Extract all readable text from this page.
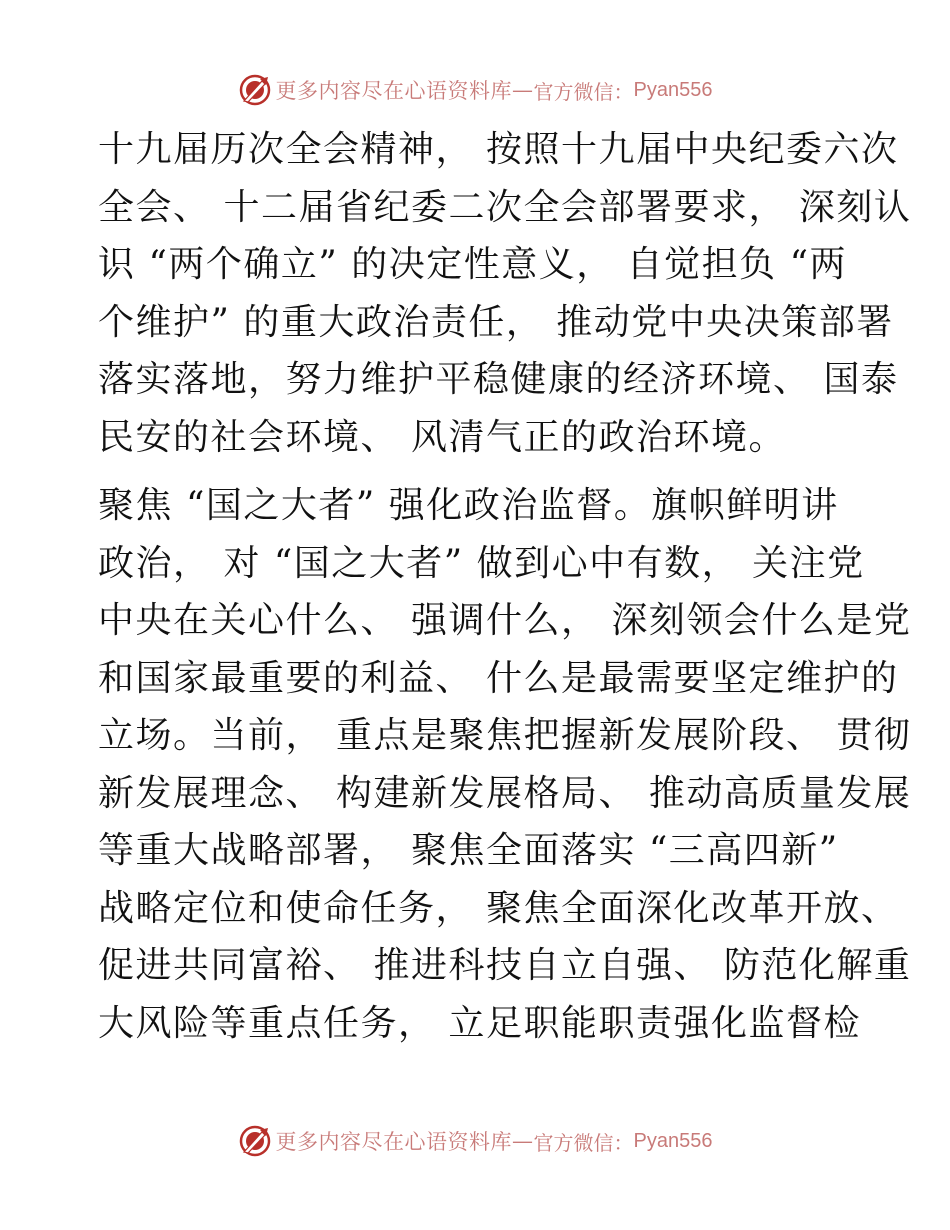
更多内容尽在心语资料库 — 官方微信： Pyan556
十九届历次全会精神， 按照十九届中央纪委六次
全会、 十二届省纪委二次全会部署要求， 深刻认
识 “两个确立” 的决定性意义， 自觉担负 “两
个维护” 的重大政治责任， 推动党中央决策部署
落实落地，努力维护平稳健康的经济环境、 国泰
民安的社会环境、 风清气正的政治环境。
聚焦 “国之大者” 强化政治监督。旗帜鲜明讲
政治， 对 “国之大者” 做到心中有数， 关注党
中央在关心什么、 强调什么， 深刻领会什么是党
和国家最重要的利益、 什么是最需要坚定维护的
立场。当前， 重点是聚焦把握新发展阶段、 贯彻
新发展理念、 构建新发展格局、 推动高质量发展
等重大战略部署， 聚焦全面落实 “三高四新”
战略定位和使命任务， 聚焦全面深化改革开放、
促进共同富裕、 推进科技自立自强、 防范化解重
大风险等重点任务， 立足职能职责强化监督检
更多内容尽在心语资料库 — 官方微信： Pyan556
